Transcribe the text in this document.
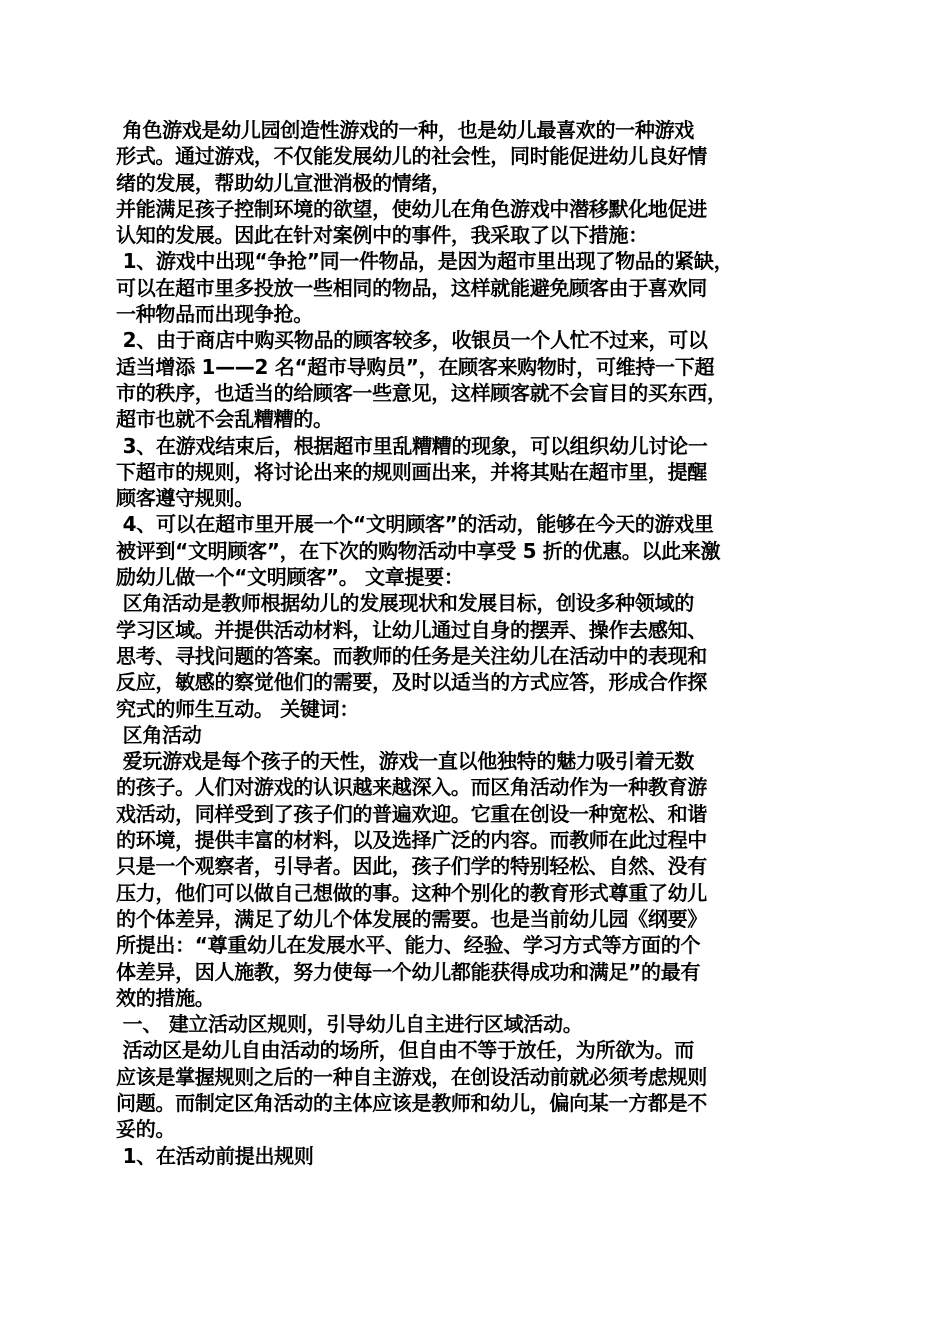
角色游戏是幼儿园创造性游戏的一种，也是幼儿最喜欢的一种游戏
形式。通过游戏，不仅能发展幼儿的社会性，同时能促进幼儿良好情
绪的发展，帮助幼儿宣泄消极的情绪，
并能满足孩子控制环境的欲望，使幼儿在角色游戏中潜移默化地促进
认知的发展。因此在针对案例中的事件，我采取了以下措施：
1、游戏中出现“争抢”同一件物品，是因为超市里出现了物品的紧缺，
可以在超市里多投放一些相同的物品，这样就能避免顾客由于喜欢同
一种物品而出现争抢。
2、由于商店中购买物品的顾客较多，收银员一个人忙不过来，可以
适当增添 1——2 名“超市导购员”，在顾客来购物时，可维持一下超
市的秩序，也适当的给顾客一些意见，这样顾客就不会盲目的买东西，
超市也就不会乱糟糟的。
3、在游戏结束后，根据超市里乱糟糟的现象，可以组织幼儿讨论一
下超市的规则，将讨论出来的规则画出来，并将其贴在超市里，提醒
顾客遵守规则。
4、可以在超市里开展一个“文明顾客”的活动，能够在今天的游戏里
被评到“文明顾客”，在下次的购物活动中享受 5 折的优惠。以此来激
励幼儿做一个“文明顾客”。 文章提要：
区角活动是教师根据幼儿的发展现状和发展目标，创设多种领域的
学习区域。并提供活动材料，让幼儿通过自身的摆弄、操作去感知、
思考、寻找问题的答案。而教师的任务是关注幼儿在活动中的表现和
反应，敏感的察觉他们的需要，及时以适当的方式应答，形成合作探
究式的师生互动。 关键词：
区角活动
爱玩游戏是每个孩子的天性，游戏一直以他独特的魅力吸引着无数
的孩子。人们对游戏的认识越来越深入。而区角活动作为一种教育游
戏活动，同样受到了孩子们的普遍欢迎。它重在创设一种宽松、和谐
的环境，提供丰富的材料，以及选择广泛的内容。而教师在此过程中
只是一个观察者，引导者。因此，孩子们学的特别轻松、自然、没有
压力，他们可以做自己想做的事。这种个别化的教育形式尊重了幼儿
的个体差异，满足了幼儿个体发展的需要。也是当前幼儿园《纲要》
所提出：“尊重幼儿在发展水平、能力、经验、学习方式等方面的个
体差异，因人施教，努力使每一个幼儿都能获得成功和满足”的最有
效的措施。
一、 建立活动区规则，引导幼儿自主进行区域活动。
活动区是幼儿自由活动的场所，但自由不等于放任，为所欲为。而
应该是掌握规则之后的一种自主游戏，在创设活动前就必须考虑规则
问题。而制定区角活动的主体应该是教师和幼儿，偏向某一方都是不
妥的。
1、在活动前提出规则
